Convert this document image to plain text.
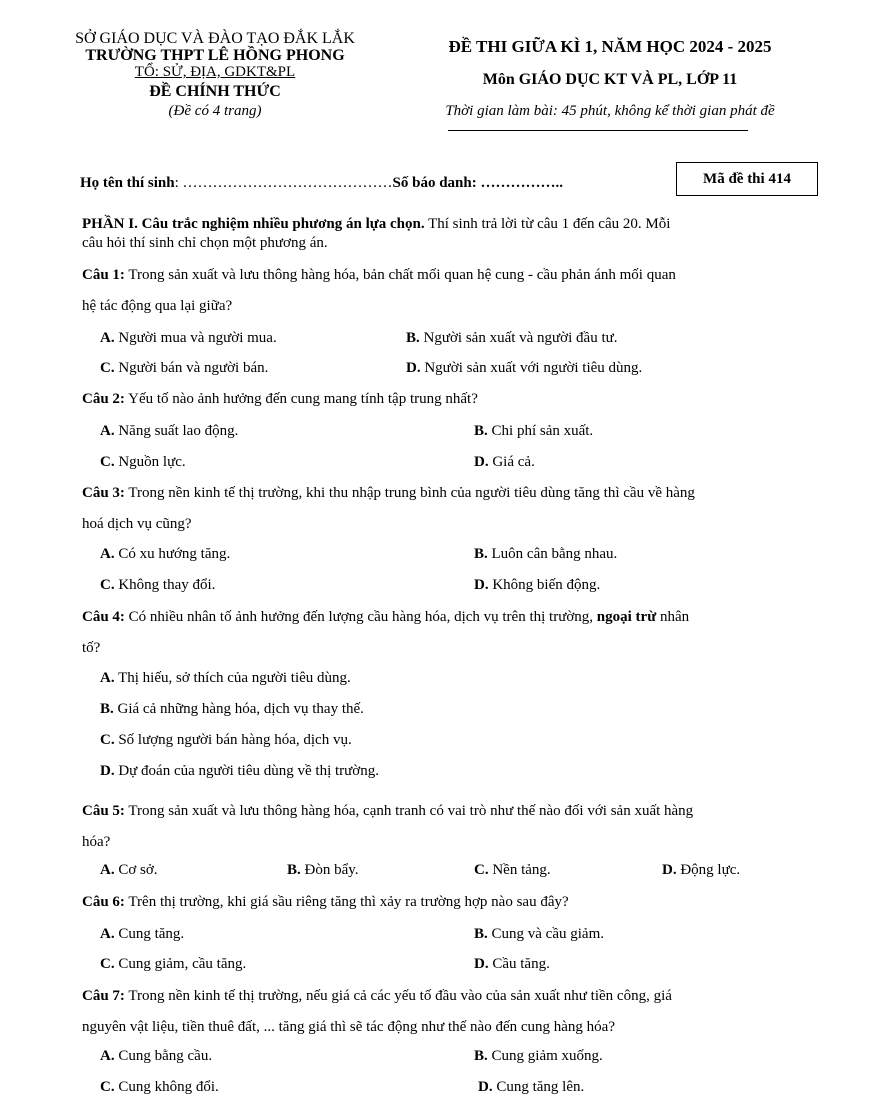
SỞ GIÁO DỤC VÀ ĐÀO TẠO ĐẮK LẮK
TRƯỜNG THPT LÊ HỒNG PHONG
TỔ: SỬ, ĐỊA, GDKT&PL
ĐỀ CHÍNH THỨC
(Đề có 4 trang)
ĐỀ THI GIỮA KÌ 1, NĂM HỌC 2024 - 2025
Môn GIÁO DỤC KT VÀ PL, LỚP 11
Thời gian làm bài: 45 phút, không kể thời gian phát đề
Họ tên thí sinh: ……………………………………Số báo danh: ……………..	Mã đề thi 414
PHẦN I. Câu trắc nghiệm nhiều phương án lựa chọn. Thí sinh trả lời từ câu 1 đến câu 20. Mỗi
câu hỏi thí sinh chỉ chọn một phương án.
Câu 1: Trong sản xuất và lưu thông hàng hóa, bản chất mối quan hệ cung - cầu phản ánh mối quan
hệ tác động qua lại giữa?
A. Người mua và người mua.	B. Người sản xuất và người đầu tư.
C. Người bán và người bán.	D. Người sản xuất với người tiêu dùng.
Câu 2: Yếu tố nào ảnh hưởng đến cung mang tính tập trung nhất?
A. Năng suất lao động.	B. Chi phí sản xuất.
C. Nguồn lực.	D. Giá cả.
Câu 3: Trong nền kinh tế thị trường, khi thu nhập trung bình của người tiêu dùng tăng thì cầu về hàng
hoá dịch vụ cũng?
A. Có xu hướng tăng.	B. Luôn cân bằng nhau.
C. Không thay đổi.	D. Không biến động.
Câu 4: Có nhiều nhân tố ảnh hưởng đến lượng cầu hàng hóa, dịch vụ trên thị trường, ngoại trừ nhân
tố?
A. Thị hiếu, sở thích của người tiêu dùng.
B. Giá cả những hàng hóa, dịch vụ thay thế.
C. Số lượng người bán hàng hóa, dịch vụ.
D. Dự đoán của người tiêu dùng về thị trường.
Câu 5: Trong sản xuất và lưu thông hàng hóa, cạnh tranh có vai trò như thế nào đối với sản xuất hàng
hóa?
A. Cơ sở.	B. Đòn bẩy.	C. Nền tảng.	D. Động lực.
Câu 6: Trên thị trường, khi giá sầu riêng tăng thì xảy ra trường hợp nào sau đây?
A. Cung tăng.	B. Cung và cầu giảm.
C. Cung giảm, cầu tăng.	D. Cầu tăng.
Câu 7: Trong nền kinh tế thị trường, nếu giá cả các yếu tố đầu vào của sản xuất như tiền công, giá
nguyên vật liệu, tiền thuê đất, ... tăng giá thì sẽ tác động như thế nào đến cung hàng hóa?
A. Cung bằng cầu.	B. Cung giảm xuống.
C. Cung không đổi.	D. Cung tăng lên.
